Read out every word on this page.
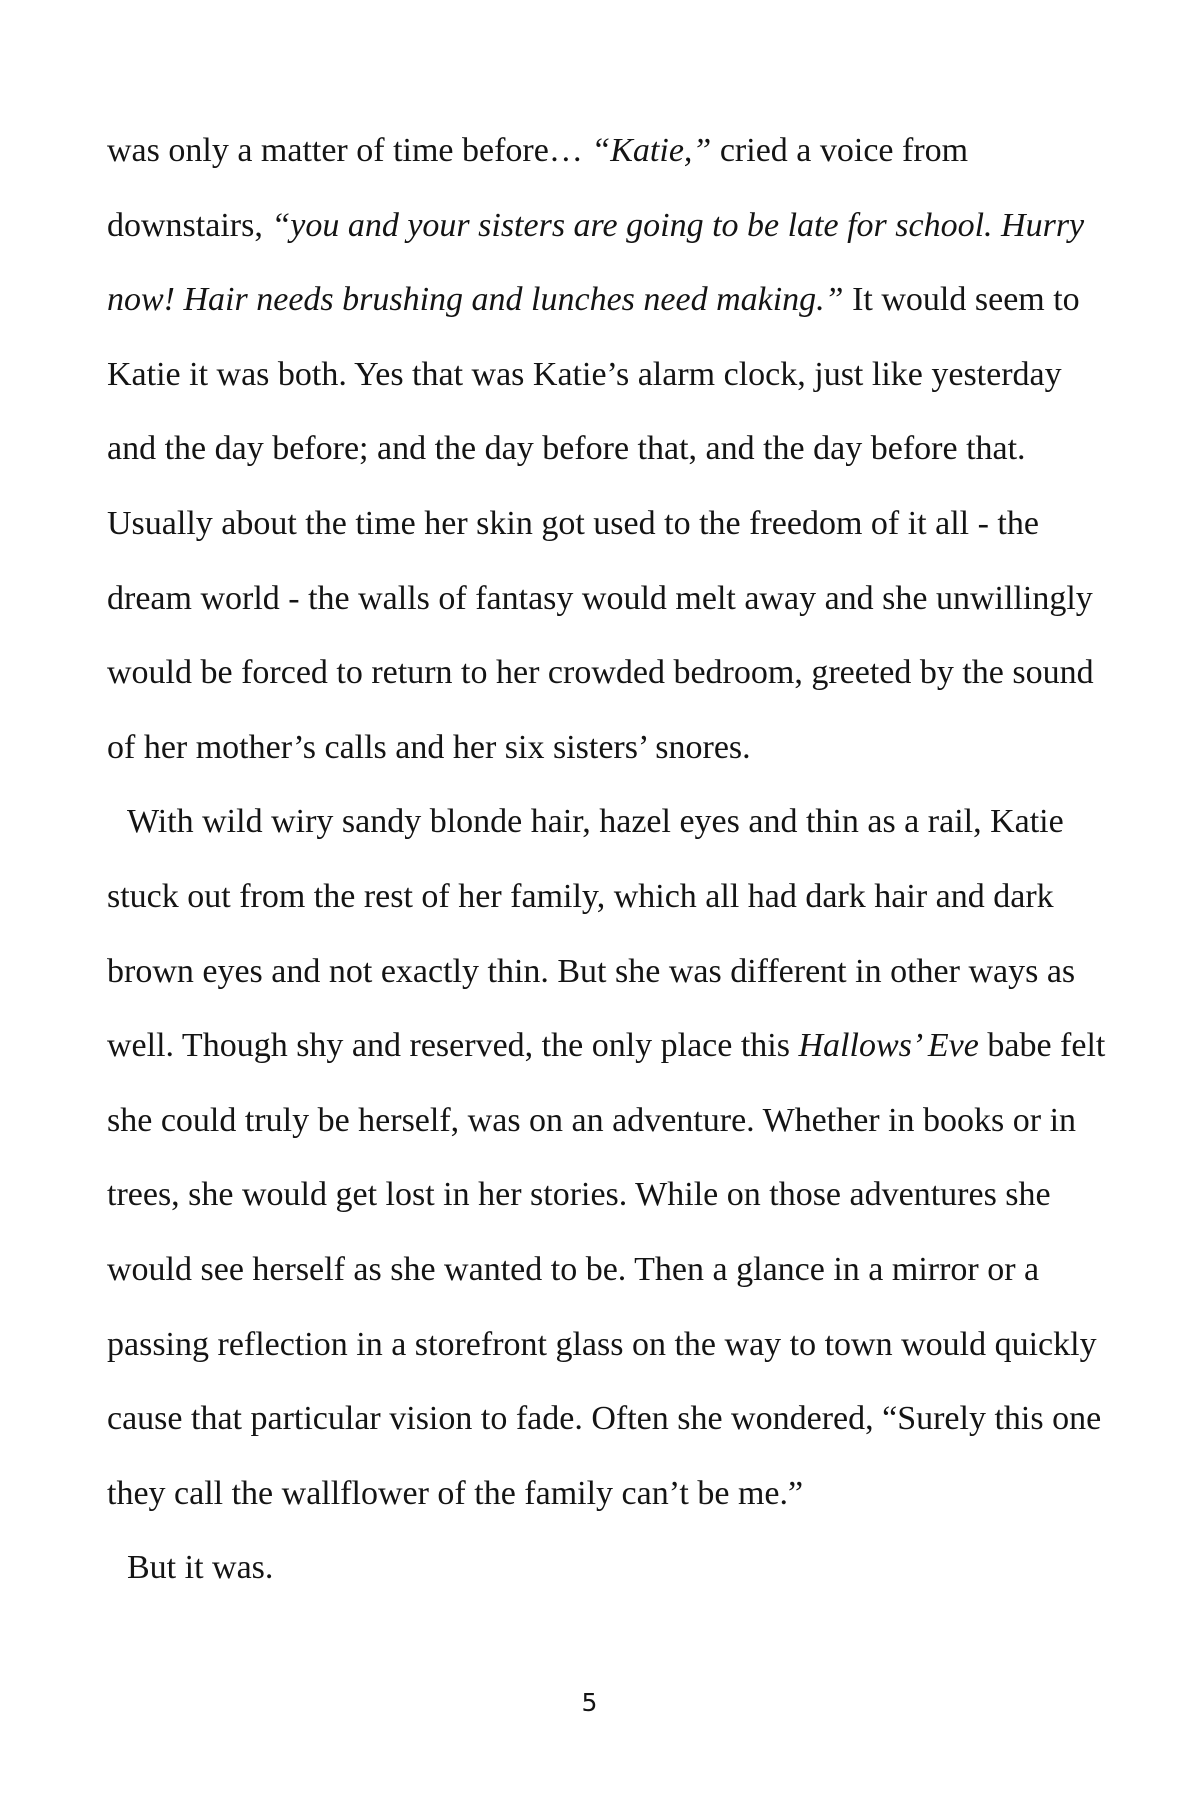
was only a matter of time before… “Katie,” cried a voice from
downstairs, “you and your sisters are going to be late for school. Hurry
now! Hair needs brushing and lunches need making.” It would seem to
Katie it was both. Yes that was Katie’s alarm clock, just like yesterday
and the day before; and the day before that, and the day before that.
Usually about the time her skin got used to the freedom of it all - the
dream world - the walls of fantasy would melt away and she unwillingly
would be forced to return to her crowded bedroom, greeted by the sound
of her mother’s calls and her six sisters’ snores.
With wild wiry sandy blonde hair, hazel eyes and thin as a rail, Katie
stuck out from the rest of her family, which all had dark hair and dark
brown eyes and not exactly thin. But she was different in other ways as
well. Though shy and reserved, the only place this Hallows’ Eve babe felt
she could truly be herself, was on an adventure. Whether in books or in
trees, she would get lost in her stories. While on those adventures she
would see herself as she wanted to be. Then a glance in a mirror or a
passing reflection in a storefront glass on the way to town would quickly
cause that particular vision to fade. Often she wondered, “Surely this one
they call the wallflower of the family can’t be me.”
But it was.
5
